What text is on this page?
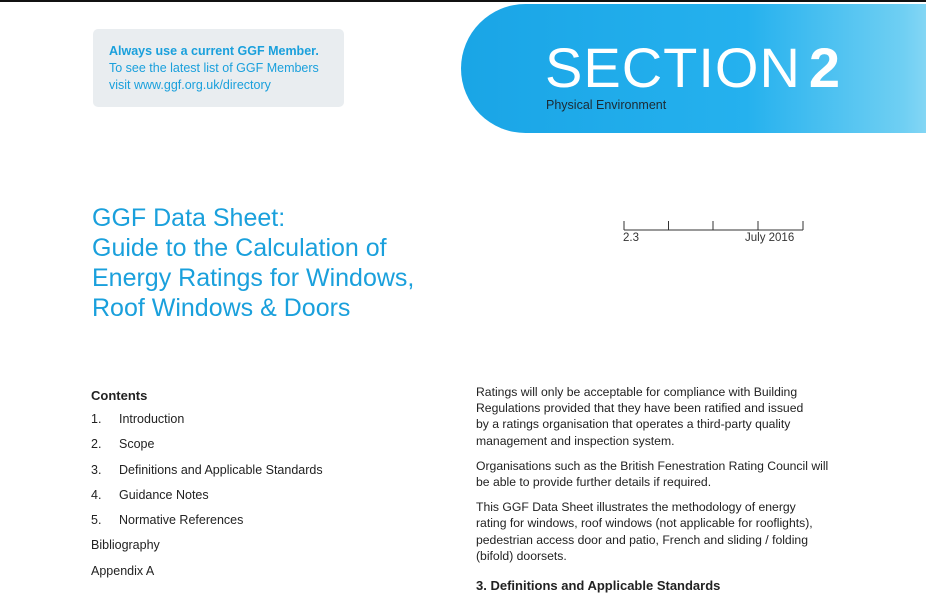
Always use a current GGF Member.
To see the latest list of GGF Members
visit www.ggf.org.uk/directory	SECTION 2
Physical Environment
GGF Data Sheet:
Guide to the Calculation of
Energy Ratings for Windows,
Roof Windows & Doors
2.3	July 2016
Contents
1. Introduction
2. Scope
3. Definitions and Applicable Standards
4. Guidance Notes
5. Normative References
Bibliography
Appendix A

Ratings will only be acceptable for compliance with Building
Regulations provided that they have been ratified and issued
by a ratings organisation that operates a third-party quality
management and inspection system.

Organisations such as the British Fenestration Rating Council will
be able to provide further details if required.

This GGF Data Sheet illustrates the methodology of energy
rating for windows, roof windows (not applicable for rooflights),
pedestrian access door and patio, French and sliding / folding
(bifold) doorsets.

3. Definitions and Applicable Standards
